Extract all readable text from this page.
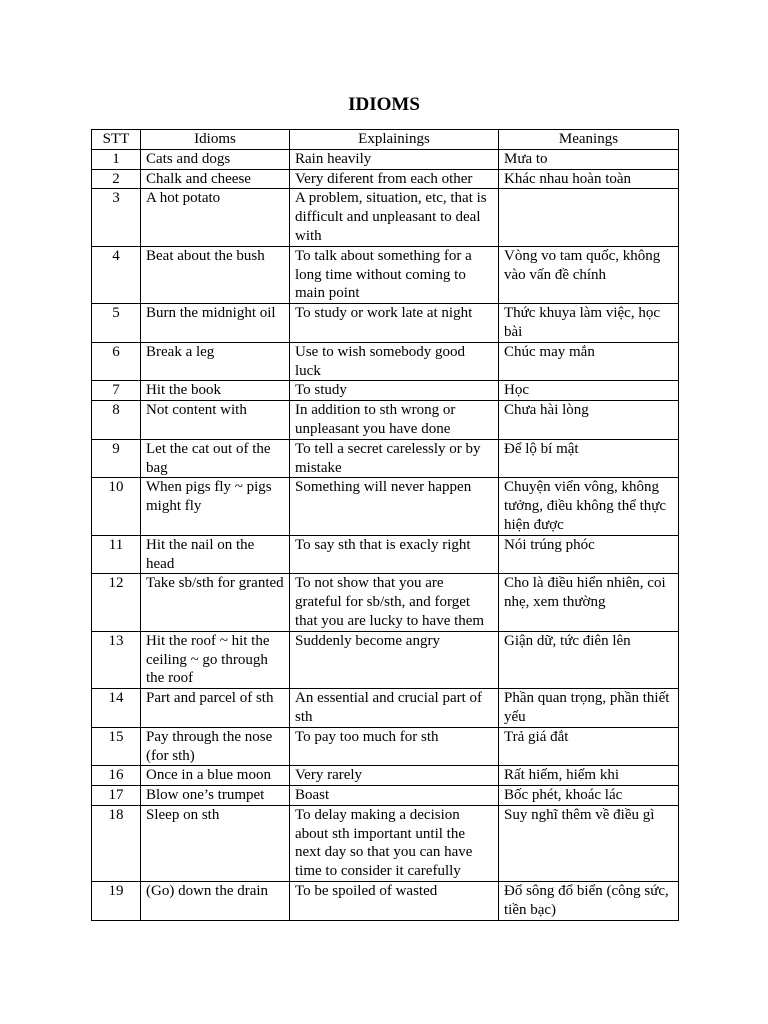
IDIOMS
STT	Idioms	Explainings	Meanings
1	Cats and dogs	Rain heavily	Mưa to
2	Chalk and cheese	Very diferent from each other	Khác nhau hoàn toàn
3	A hot potato	A problem, situation, etc, that is difficult and unpleasant to deal with	
4	Beat about the bush	To talk about something for a long time without coming to main point	Vòng vo tam quốc, không vào vấn đề chính
5	Burn the midnight oil	To study or work late at night	Thức khuya làm việc, học bài
6	Break a leg	Use to wish somebody good luck	Chúc may mắn
7	Hit the book	To study	Học
8	Not content with	In addition to sth wrong or unpleasant you have done	Chưa hài lòng
9	Let the cat out of the bag	To tell a secret carelessly or by mistake	Để lộ bí mật
10	When pigs fly ~ pigs might fly	Something will never happen	Chuyện viển vông, không tưởng, điều không thể thực hiện được
11	Hit the nail on the head	To say sth that is exacly right	Nói trúng phóc
12	Take sb/sth for granted	To not show that you are grateful for sb/sth, and forget that you are lucky to have them	Cho là điều hiển nhiên, coi nhẹ, xem thường
13	Hit the roof ~ hit the ceiling ~ go through the roof	Suddenly become angry	Giận dữ, tức điên lên
14	Part and parcel of sth	An essential and crucial part of sth	Phần quan trọng, phần thiết yếu
15	Pay through the nose (for sth)	To pay too much for sth	Trả giá đắt
16	Once in a blue moon	Very rarely	Rất hiếm, hiếm khi
17	Blow one’s trumpet	Boast	Bốc phét, khoác lác
18	Sleep on sth	To delay making a decision about sth important until the next day so that you can have time to consider it carefully	Suy nghĩ thêm về điều gì
19	(Go) down the drain	To be spoiled of wasted	Đổ sông đổ biển (công sức, tiền bạc)
